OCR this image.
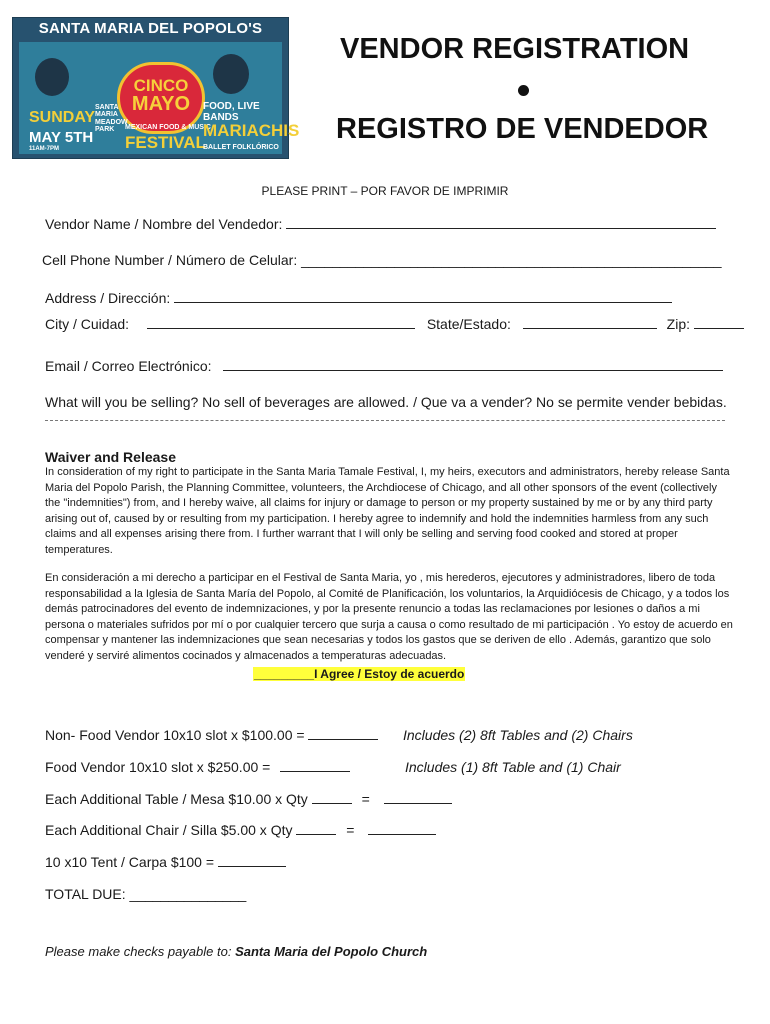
SANTA MARIA DEL POPOLO'S
CINCO
MAYO
SUNDAY
MAY 5TH
11AM-7PM
SANTA MARIA MEADOW PARK	MEXICAN FOOD & MUSIC
FESTIVAL
FOOD, LIVE BANDS
MARIACHIS
BALLET FOLKLÓRICO
VENDOR REGISTRATION
REGISTRO DE VENDEDOR
PLEASE PRINT – POR FAVOR DE IMPRIMIR
Vendor Name / Nombre del Vendedor:
Cell Phone Number / Número de Celular: ______________________________________________________
Address / Dirección:
City / Cuidad:	State/Estado:	Zip:
Email / Correo Electrónico:
What will you be selling? No sell of beverages are allowed. / Que va a vender? No se permite vender bebidas.
Waiver and Release
In consideration of my right to participate in the Santa Maria Tamale Festival, I, my heirs, executors and administrators, hereby release Santa Maria del Popolo Parish, the Planning Committee, volunteers, the Archdiocese of Chicago, and all other sponsors of the event (collectively the "indemnities") from, and I hereby waive, all claims for injury or damage to person or my property sustained by me or by any third party arising out of, caused by or resulting from my participation. I hereby agree to indemnify and hold the indemnities harmless from any such claims and all expenses arising there from. I further warrant that I will only be selling and serving food cooked and stored at proper temperatures.
En consideración a mi derecho a participar en el Festival de Santa Maria, yo , mis herederos, ejecutores y administradores, libero de toda responsabilidad a la Iglesia de Santa María del Popolo, al Comité de Planificación, los voluntarios, la Arquidiócesis de Chicago, y a todos los demás patrocinadores del evento de indemnizaciones, y por la presente renuncio a todas las reclamaciones por lesiones o daños a mi persona o materiales sufridos por mí o por cualquier tercero que surja a causa o como resultado de mi participación . Yo estoy de acuerdo en compensar y mantener las indemnizaciones que sean necesarias y todos los gastos que se deriven de ello . Además, garantizo que solo venderé y serviré alimentos cocinados y almacenados a temperaturas adecuadas.
_________I Agree / Estoy de acuerdo
Non- Food Vendor 10x10 slot x $100.00 =	Includes (2) 8ft Tables and (2) Chairs
Food Vendor 10x10 slot x $250.00 =	Includes (1) 8ft Table and (1) Chair
Each Additional Table / Mesa $10.00 x Qty	=
Each Additional Chair / Silla $5.00 x Qty	=
10 x10 Tent / Carpa $100 =
TOTAL DUE: _______________
Please make checks payable to: Santa Maria del Popolo Church
